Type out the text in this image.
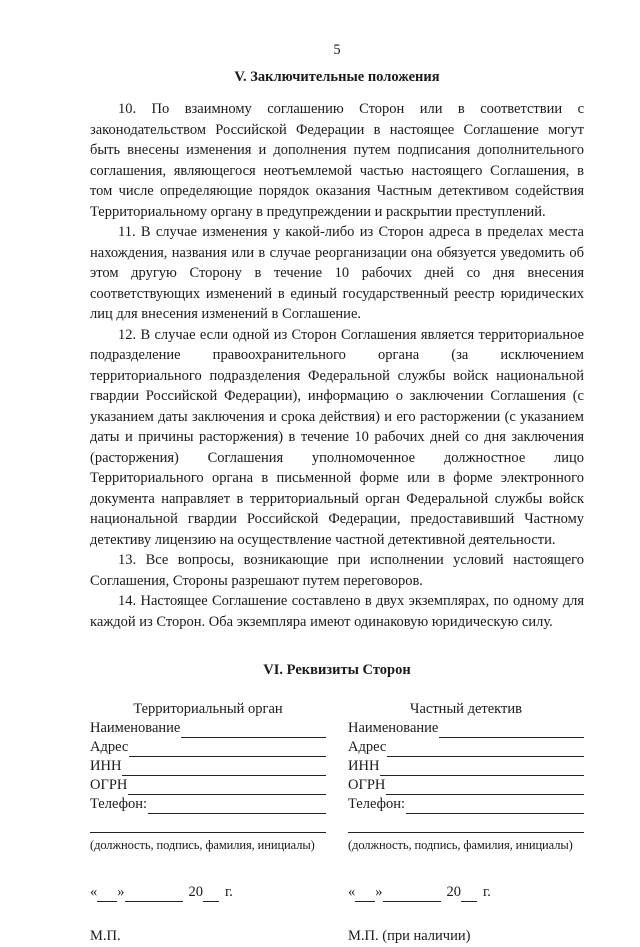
5

V. Заключительные положения

10. По взаимному соглашению Сторон или в соответствии с законодательством Российской Федерации в настоящее Соглашение могут быть внесены изменения и дополнения путем подписания дополнительного соглашения, являющегося неотъемлемой частью настоящего Соглашения, в том числе определяющие порядок оказания Частным детективом содействия Территориальному органу в предупреждении и раскрытии преступлений.

11. В случае изменения у какой-либо из Сторон адреса в пределах места нахождения, названия или в случае реорганизации она обязуется уведомить об этом другую Сторону в течение 10 рабочих дней со дня внесения соответствующих изменений в единый государственный реестр юридических лиц для внесения изменений в Соглашение.

12. В случае если одной из Сторон Соглашения является территориальное подразделение правоохранительного органа (за исключением территориального подразделения Федеральной службы войск национальной гвардии Российской Федерации), информацию о заключении Соглашения (с указанием даты заключения и срока действия) и его расторжении (с указанием даты и причины расторжения) в течение 10 рабочих дней со дня заключения (расторжения) Соглашения уполномоченное должностное лицо Территориального органа в письменной форме или в форме электронного документа направляет в территориальный орган Федеральной службы войск национальной гвардии Российской Федерации, предоставивший Частному детективу лицензию на осуществление частной детективной деятельности.

13. Все вопросы, возникающие при исполнении условий настоящего Соглашения, Стороны разрешают путем переговоров.

14. Настоящее Соглашение составлено в двух экземплярах, по одному для каждой из Сторон. Оба экземпляра имеют одинаковую юридическую силу.

VI. Реквизиты Сторон

Территориальный орган

Наименование
Адрес
ИНН
ОГРН
Телефон:
(должность, подпись, фамилия, инициалы)
« »	20 г.
М.П.

Частный детектив

Наименование
Адрес
ИНН
ОГРН
Телефон:
(должность, подпись, фамилия, инициалы)
« »	20 г.
М.П. (при наличии)
